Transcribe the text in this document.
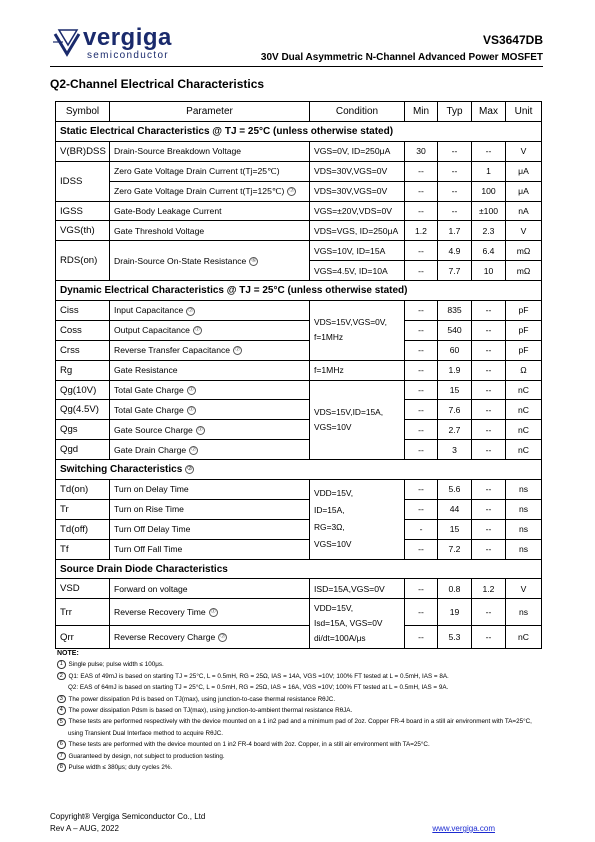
vergiga
semiconductor
VS3647DB
30V Dual Asymmetric N-Channel Advanced Power MOSFET
Q2-Channel Electrical Characteristics
Symbol	Parameter	Condition	Min	Typ	Max	Unit
Static Electrical Characteristics @ TJ = 25°C (unless otherwise stated)						
V(BR)DSS	Drain-Source Breakdown Voltage	VGS=0V, ID=250μA	30	--	--	V
IDSS	Zero Gate Voltage Drain Current t(Tj=25℃)	VDS=30V,VGS=0V	--	--	1	μA
	Zero Gate Voltage Drain Current t(Tj=125℃) ⑦	VDS=30V,VGS=0V	--	--	100	μA
IGSS	Gate-Body Leakage Current	VGS=±20V,VDS=0V	--	--	±100	nA
VGS(th)	Gate Threshold Voltage	VDS=VGS, ID=250μA	1.2	1.7	2.3	V
RDS(on)	Drain-Source On-State Resistance ⑥	VGS=10V, ID=15A	--	4.9	6.4	mΩ
		VGS=4.5V, ID=10A	--	7.7	10	mΩ
Dynamic Electrical Characteristics @ TJ = 25°C (unless otherwise stated)						
Ciss	Input Capacitance ⑦	VDS=15V,VGS=0V, f=1MHz	--	835	--	pF
Coss	Output Capacitance ⑦		--	540	--	pF
Crss	Reverse Transfer Capacitance ⑦		--	60	--	pF
Rg	Gate Resistance	f=1MHz	--	1.9	--	Ω
Qg(10V)	Total Gate Charge ⑦	VDS=15V,ID=15A, VGS=10V	--	15	--	nC
Qg(4.5V)	Total Gate Charge ⑦		--	7.6	--	nC
Qgs	Gate Source Charge ⑦		--	2.7	--	nC
Qgd	Gate Drain Charge ⑦		--	3	--	nC
Switching Characteristics ⑦						
Td(on)	Turn on Delay Time	VDD=15V,
ID=15A,
RG=3Ω,
VGS=10V	--	5.6	--	ns
Tr	Turn on Rise Time		--	44	--	ns
Td(off)	Turn Off Delay Time		-	15	--	ns
Tf	Turn Off Fall Time		--	7.2	--	ns
Source Drain Diode Characteristics						
VSD	Forward on voltage	ISD=15A,VGS=0V	--	0.8	1.2	V
Trr	Reverse Recovery Time ⑦	VDD=15V,
Isd=15A, VGS=0V
di/dt=100A/μs	--	19	--	ns
Qrr	Reverse Recovery Charge ⑦		--	5.3	--	nC
NOTE:
1 Single pulse; pulse width ≤ 100μs.
2 Q1: EAS of 49mJ is based on starting TJ = 25°C, L = 0.5mH, RG = 25Ω, IAS = 14A, VGS =10V; 100% FT tested at L = 0.5mH, IAS = 8A.
Q2: EAS of 64mJ is based on starting TJ = 25°C, L = 0.5mH, RG = 25Ω, IAS = 16A, VGS =10V; 100% FT tested at L = 0.5mH, IAS = 9A.
3 The power dissipation Pd is based on TJ(max), using junction-to-case thermal resistance RθJC.
4 The power dissipation Pdsm is based on TJ(max), using junction-to-ambient thermal resistance RθJA.
5 These tests are performed respectively with the device mounted on a 1 in2 pad and a minimum pad of 2oz. Copper FR-4 board in a still air environment with TA=25°C,
using Transient Dual Interface method to acquire RθJC.
6 These tests are performed with the device mounted on 1 in2 FR-4 board with 2oz. Copper, in a still air environment with TA=25°C.
7 Guaranteed by design, not subject to production testing.
8 Pulse width ≤ 380μs; duty cycles 2%.
Copyright® Vergiga Semiconductor Co., Ltd
Rev A – AUG, 2022	www.vergiga.com
